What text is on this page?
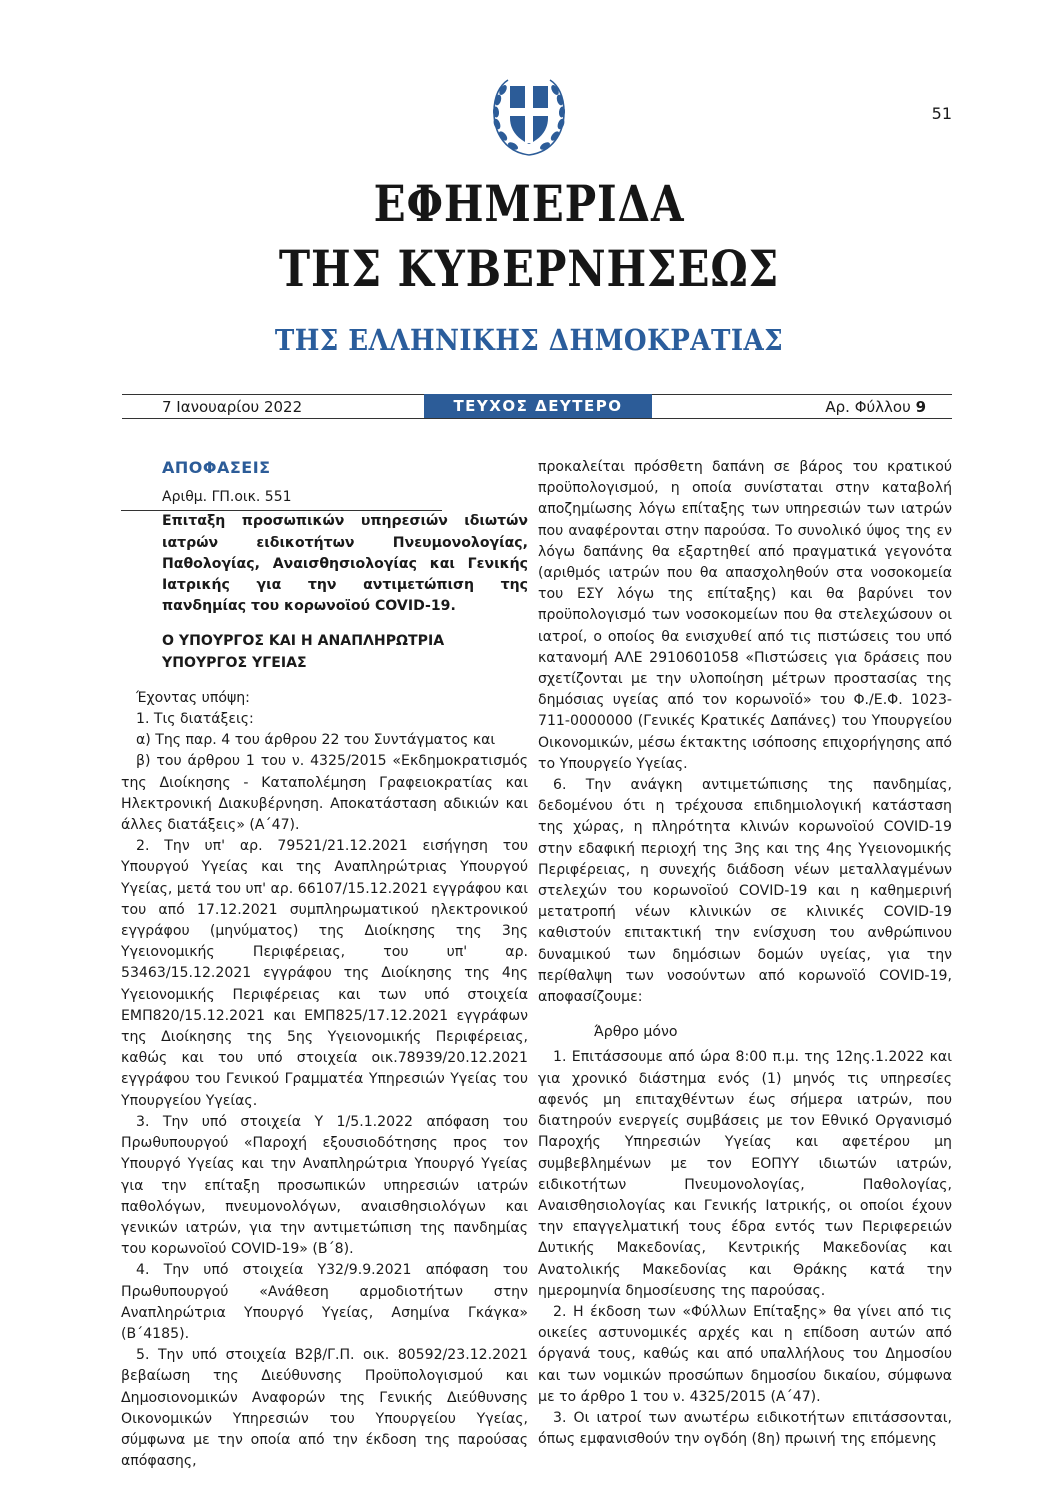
51
ΕΦΗΜΕΡΙΔΑ
ΤΗΣ ΚΥΒΕΡΝΗΣΕΩΣ
ΤΗΣ ΕΛΛΗΝΙΚΗΣ ΔΗΜΟΚΡΑΤΙΑΣ
7 Ιανουαρίου 2022	ΤΕΥΧΟΣ ΔΕΥΤΕΡΟ	Αρ. Φύλλου 9
ΑΠΟΦΑΣΕΙΣ
Αριθμ. ΓΠ.οικ. 551

Επιταξη προσωπικών υπηρεσιών ιδιωτών ιατρών ειδικοτήτων Πνευμονολογίας, Παθολογίας, Αναισθησιολογίας και Γενικής Ιατρικής για την αντιμετώπιση της πανδημίας του κορωνοϊού COVID-19.

Ο ΥΠΟΥΡΓΟΣ ΚΑΙ Η ΑΝΑΠΛΗΡΩΤΡΙΑ ΥΠΟΥΡΓΟΣ ΥΓΕΙΑΣ

Έχοντας υπόψη:

1. Τις διατάξεις:

α) Της παρ. 4 του άρθρου 22 του Συντάγματος και

β) του άρθρου 1 του ν. 4325/2015 «Εκδημοκρατισμός της Διοίκησης - Καταπολέμηση Γραφειοκρατίας και Ηλεκτρονική Διακυβέρνηση. Αποκατάσταση αδικιών και άλλες διατάξεις» (Α΄47).

2. Την υπ' αρ. 79521/21.12.2021 εισήγηση του Υπουργού Υγείας και της Αναπληρώτριας Υπουργού Υγείας, μετά του υπ' αρ. 66107/15.12.2021 εγγράφου και του από 17.12.2021 συμπληρωματικού ηλεκτρονικού εγγράφου (μηνύματος) της Διοίκησης της 3ης Υγειονομικής Περιφέρειας, του υπ' αρ. 53463/15.12.2021 εγγράφου της Διοίκησης της 4ης Υγειονομικής Περιφέρειας και των υπό στοιχεία ΕΜΠ820/15.12.2021 και ΕΜΠ825/17.12.2021 εγγράφων της Διοίκησης της 5ης Υγειονομικής Περιφέρειας, καθώς και του υπό στοιχεία οικ.78939/20.12.2021 εγγράφου του Γενικού Γραμματέα Υπηρεσιών Υγείας του Υπουργείου Υγείας.

3. Την υπό στοιχεία Υ 1/5.1.2022 απόφαση του Πρωθυπουργού «Παροχή εξουσιοδότησης προς τον Υπουργό Υγείας και την Αναπληρώτρια Υπουργό Υγείας για την επίταξη προσωπικών υπηρεσιών ιατρών παθολόγων, πνευμονολόγων, αναισθησιολόγων και γενικών ιατρών, για την αντιμετώπιση της πανδημίας του κορωνοϊού COVID-19» (Β΄8).

4. Την υπό στοιχεία Υ32/9.9.2021 απόφαση του Πρωθυπουργού «Ανάθεση αρμοδιοτήτων στην Αναπληρώτρια Υπουργό Υγείας, Ασημίνα Γκάγκα» (Β΄4185).

5. Την υπό στοιχεία Β2β/Γ.Π. οικ. 80592/23.12.2021 βεβαίωση της Διεύθυνσης Προϋπολογισμού και Δημοσιονομικών Αναφορών της Γενικής Διεύθυνσης Οικονομικών Υπηρεσιών του Υπουργείου Υγείας, σύμφωνα με την οποία από την έκδοση της παρούσας απόφασης,

προκαλείται πρόσθετη δαπάνη σε βάρος του κρατικού προϋπολογισμού, η οποία συνίσταται στην καταβολή αποζημίωσης λόγω επίταξης των υπηρεσιών των ιατρών που αναφέρονται στην παρούσα. Το συνολικό ύψος της εν λόγω δαπάνης θα εξαρτηθεί από πραγματικά γεγονότα (αριθμός ιατρών που θα απασχοληθούν στα νοσοκομεία του ΕΣΥ λόγω της επίταξης) και θα βαρύνει τον προϋπολογισμό των νοσοκομείων που θα στελεχώσουν οι ιατροί, ο οποίος θα ενισχυθεί από τις πιστώσεις του υπό κατανομή ΑΛΕ 2910601058 «Πιστώσεις για δράσεις που σχετίζονται με την υλοποίηση μέτρων προστασίας της δημόσιας υγείας από τον κορωνοϊό» του Φ./Ε.Φ. 1023-711-0000000 (Γενικές Κρατικές Δαπάνες) του Υπουργείου Οικονομικών, μέσω έκτακτης ισόποσης επιχορήγησης από το Υπουργείο Υγείας.

6. Την ανάγκη αντιμετώπισης της πανδημίας, δεδομένου ότι η τρέχουσα επιδημιολογική κατάσταση της χώρας, η πληρότητα κλινών κορωνοϊού COVID-19 στην εδαφική περιοχή της 3ης και της 4ης Υγειονομικής Περιφέρειας, η συνεχής διάδοση νέων μεταλλαγμένων στελεχών του κορωνοϊού COVID-19 και η καθημερινή μετατροπή νέων κλινικών σε κλινικές COVID-19 καθιστούν επιτακτική την ενίσχυση του ανθρώπινου δυναμικού των δημόσιων δομών υγείας, για την περίθαλψη των νοσούντων από κορωνοϊό COVID-19, αποφασίζουμε:

Άρθρο μόνο

1. Επιτάσσουμε από ώρα 8:00 π.μ. της 12ης.1.2022 και για χρονικό διάστημα ενός (1) μηνός τις υπηρεσίες αφενός μη επιταχθέντων έως σήμερα ιατρών, που διατηρούν ενεργείς συμβάσεις με τον Εθνικό Οργανισμό Παροχής Υπηρεσιών Υγείας και αφετέρου μη συμβεβλημένων με τον ΕΟΠΥΥ ιδιωτών ιατρών, ειδικοτήτων Πνευμονολογίας, Παθολογίας, Αναισθησιολογίας και Γενικής Ιατρικής, οι οποίοι έχουν την επαγγελματική τους έδρα εντός των Περιφερειών Δυτικής Μακεδονίας, Κεντρικής Μακεδονίας και Ανατολικής Μακεδονίας και Θράκης κατά την ημερομηνία δημοσίευσης της παρούσας.

2. Η έκδοση των «Φύλλων Επίταξης» θα γίνει από τις οικείες αστυνομικές αρχές και η επίδοση αυτών από όργανά τους, καθώς και από υπαλλήλους του Δημοσίου και των νομικών προσώπων δημοσίου δικαίου, σύμφωνα με το άρθρο 1 του ν. 4325/2015 (Α΄47).

3. Οι ιατροί των ανωτέρω ειδικοτήτων επιτάσσονται, όπως εμφανισθούν την ογδόη (8η) πρωινή της επόμενης
